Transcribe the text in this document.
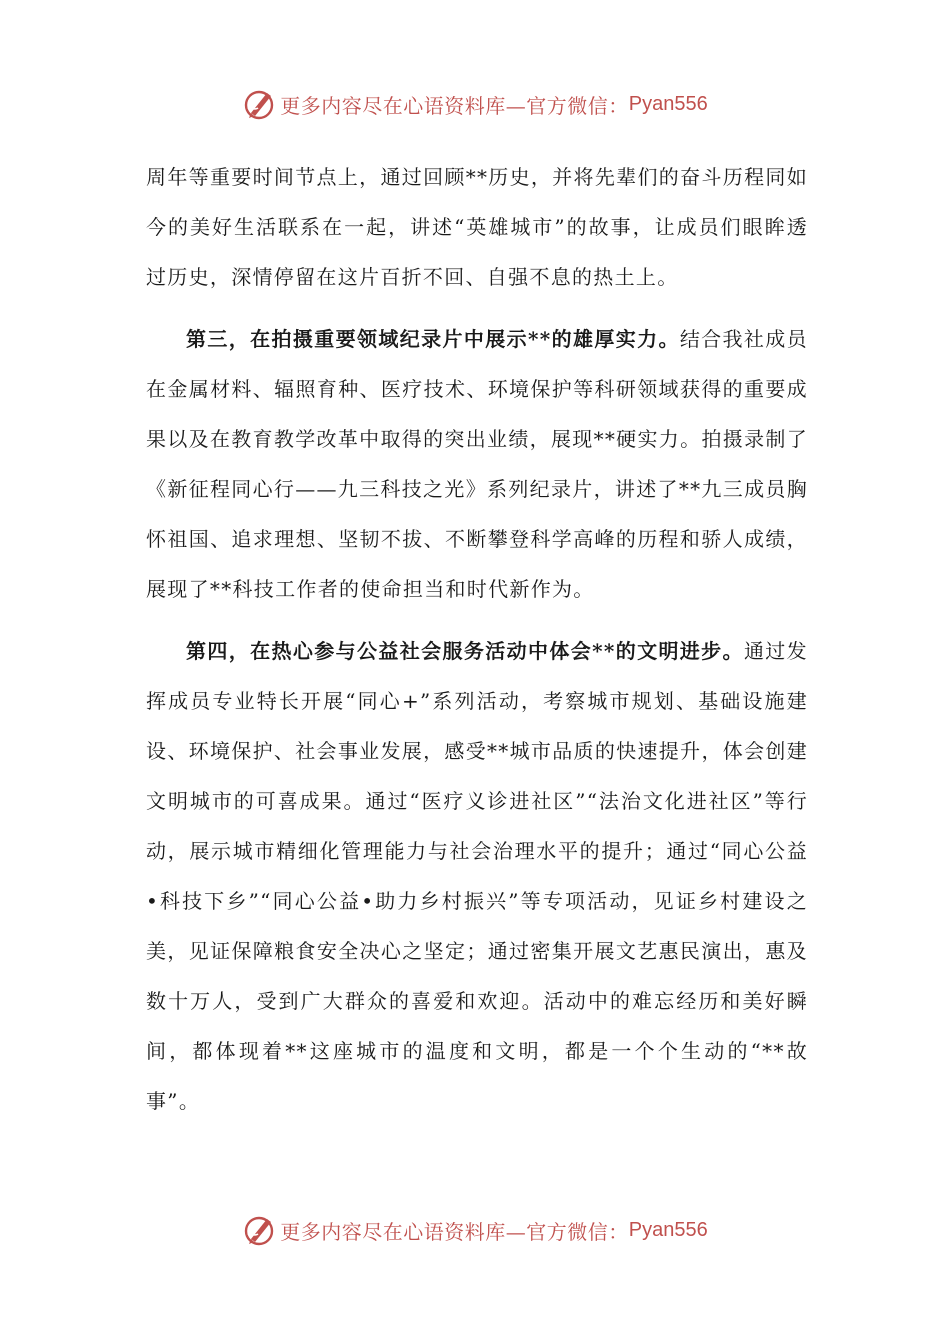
更多内容尽在心语资料库—官方微信： Pyan556

周年等重要时间节点上，通过回顾**历史，并将先辈们的奋斗历程同如今的美好生活联系在一起，讲述“英雄城市”的故事，让成员们眼眸透过历史，深情停留在这片百折不回、自强不息的热土上。

第三，在拍摄重要领域纪录片中展示**的雄厚实力。结合我社成员在金属材料、辐照育种、医疗技术、环境保护等科研领域获得的重要成果以及在教育教学改革中取得的突出业绩，展现**硬实力。拍摄录制了《新征程同心行——九三科技之光》系列纪录片，讲述了**九三成员胸怀祖国、追求理想、坚韧不拔、不断攀登科学高峰的历程和骄人成绩，展现了**科技工作者的使命担当和时代新作为。

第四，在热心参与公益社会服务活动中体会**的文明进步。通过发挥成员专业特长开展“同心+”系列活动，考察城市规划、基础设施建设、环境保护、社会事业发展，感受**城市品质的快速提升，体会创建文明城市的可喜成果。通过“医疗义诊进社区”“法治文化进社区”等行动，展示城市精细化管理能力与社会治理水平的提升；通过“同心公益•科技下乡”“同心公益•助力乡村振兴”等专项活动，见证乡村建设之美，见证保障粮食安全决心之坚定；通过密集开展文艺惠民演出，惠及数十万人，受到广大群众的喜爱和欢迎。活动中的难忘经历和美好瞬间，都体现着**这座城市的温度和文明，都是一个个生动的“**故事”。

更多内容尽在心语资料库—官方微信： Pyan556
